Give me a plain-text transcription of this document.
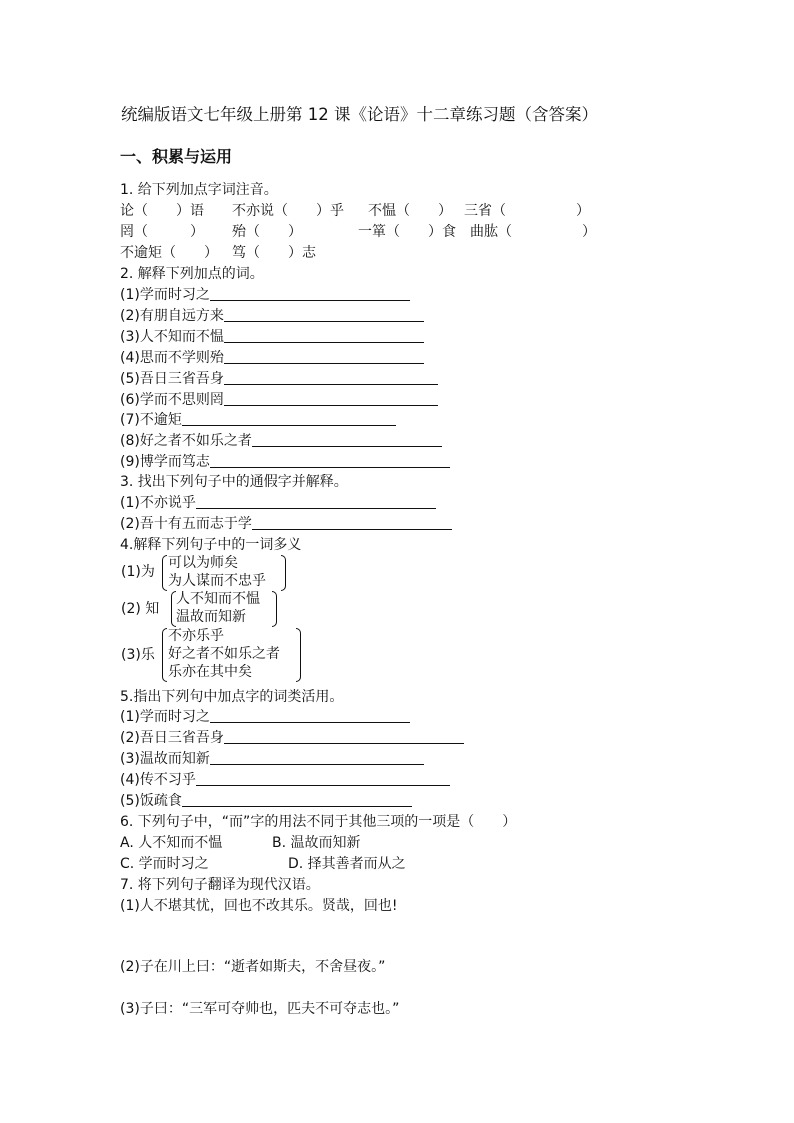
统编版语文七年级上册第 12 课《论语》十二章练习题（含答案）
一、积累与运用
1. 给下列加点字词注音。
论（　　）语 不亦说（　　）乎 不愠（　　） 三省（　　　　　）
罔（　　　） 殆（　　）	一箪（　　）食 曲肱（　　　　　）
不逾矩（　　） 笃（　　）志
2. 解释下列加点的词。
(1)学而时习之
(2)有朋自远方来
(3)人不知而不愠
(4)思而不学则殆
(5)吾日三省吾身
(6)学而不思则罔
(7)不逾矩
(8)好之者不如乐之者
(9)博学而笃志
3. 找出下列句子中的通假字并解释。
(1)不亦说乎
(2)吾十有五而志于学
4.解释下列句子中的一词多义
(1)为
可以为师矣
为人谋而不忠乎
(2) 知
人不知而不愠
温故而知新
(3)乐
不亦乐乎
好之者不如乐之者
乐亦在其中矣
5.指出下列句中加点字的词类活用。
(1)学而时习之
(2)吾日三省吾身
(3)温故而知新
(4)传不习乎
(5)饭疏食
6. 下列句子中，“而”字的用法不同于其他三项的一项是（　　）
A. 人不知而不愠	B. 温故而知新
C. 学而时习之	D. 择其善者而从之
7. 将下列句子翻译为现代汉语。
(1)人不堪其忧，回也不改其乐。贤哉，回也!
(2)子在川上曰：“逝者如斯夫，不舍昼夜。”
(3)子曰：“三军可夺帅也，匹夫不可夺志也。”
